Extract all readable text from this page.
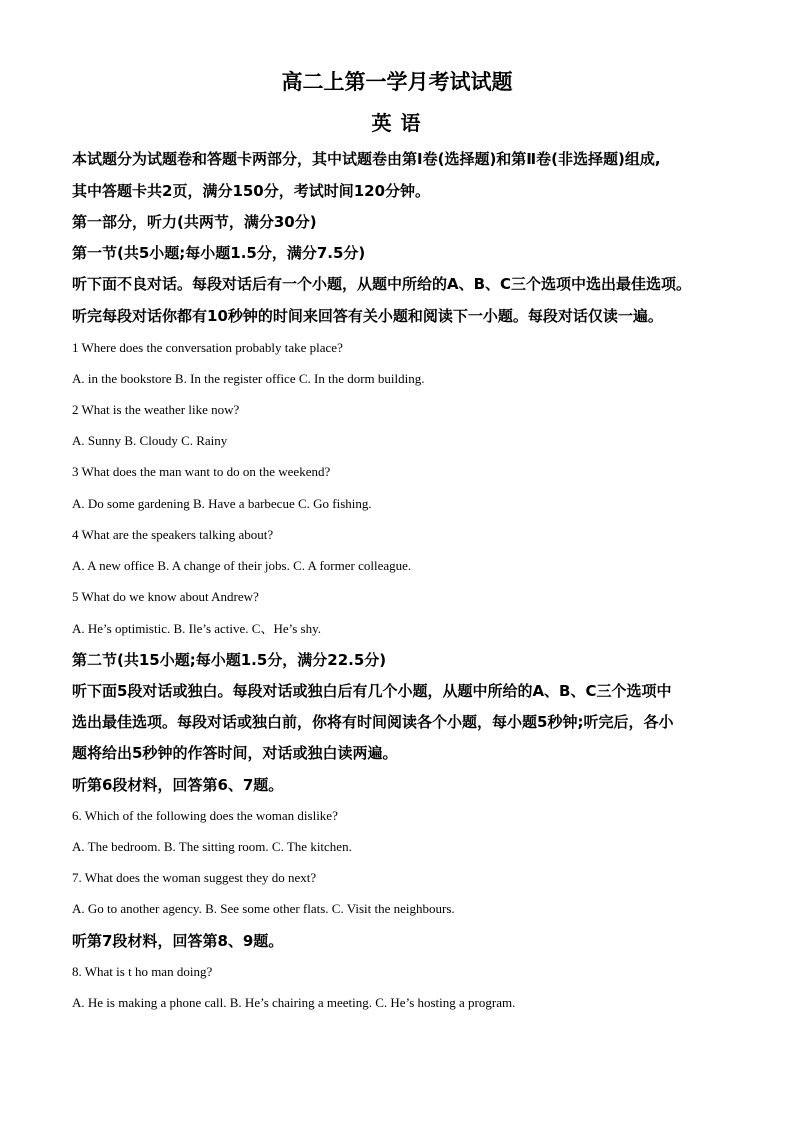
高二上第一学月考试试题
英 语
本试题分为试题卷和答题卡两部分，其中试题卷由第Ⅰ卷(选择题)和第Ⅱ卷(非选择题)组成,
其中答题卡共2页，满分150分，考试时间120分钟。
第一部分，听力(共两节，满分30分)
第一节(共5小题;每小题1.5分，满分7.5分)
听下面不良对话。每段对话后有一个小题，从题中所给的A、B、C三个选项中选出最佳选项。
听完每段对话你都有10秒钟的时间来回答有关小题和阅读下一小题。每段对话仅读一遍。
1 Where does the conversation probably take place?
A. in the bookstore B. In the register office C. In the dorm building.
2 What is the weather like now?
A. Sunny B. Cloudy C. Rainy
3 What does the man want to do on the weekend?
A. Do some gardening B. Have a barbecue C. Go fishing.
4 What are the speakers talking about?
A. A new office B. A change of their jobs. C. A former colleague.
5 What do we know about Andrew?
A. He’s optimistic. B. Ile’s active. C、He’s shy.
第二节(共15小题;每小题1.5分，满分22.5分)
听下面5段对话或独白。每段对话或独白后有几个小题，从题中所给的A、B、C三个选项中
选出最佳选项。每段对话或独白前，你将有时间阅读各个小题，每小题5秒钟;听完后，各小
题将给出5秒钟的作答时间，对话或独白读两遍。
听第6段材料，回答第6、7题。
6. Which of the following does the woman dislike?
A. The bedroom. B. The sitting room. C. The kitchen.
7. What does the woman suggest they do next?
A. Go to another agency. B. See some other flats. C. Visit the neighbours.
听第7段材料，回答第8、9题。
8. What is t ho man doing?
A. He is making a phone call. B. He’s chairing a meeting. C. He’s hosting a program.
